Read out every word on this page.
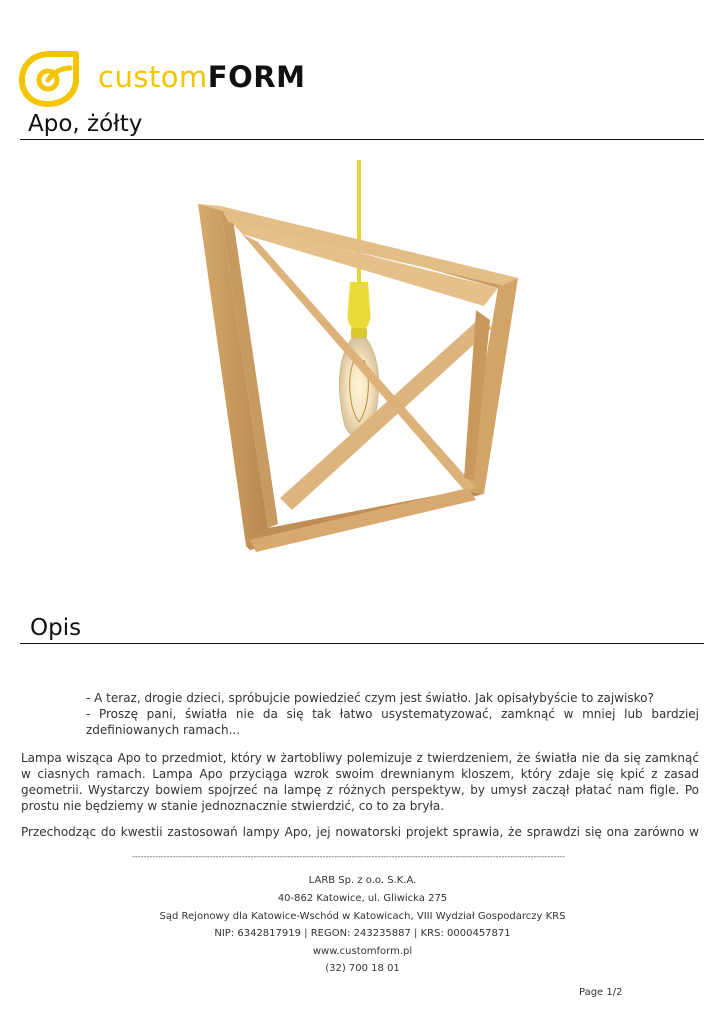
customFORM
Apo, żółty
Opis
- A teraz, drogie dzieci, spróbujcie powiedzieć czym jest światło. Jak opisałybyście to zajwisko?
- Proszę pani, światła nie da się tak łatwo usystematyzować, zamknąć w mniej lub bardziej zdefiniowanych ramach...
Lampa wisząca Apo to przedmiot, który w żartobliwy polemizuje z twierdzeniem, że światła nie da się zamknąć w ciasnych ramach. Lampa Apo przyciąga wzrok swoim drewnianym kloszem, który zdaje się kpić z zasad geometrii. Wystarczy bowiem spojrzeć na lampę z różnych perspektyw, by umysł zaczął płatać nam figle. Po prostu nie będziemy w stanie jednoznacznie stwierdzić, co to za bryła.
Przechodząc do kwestii zastosowań lampy Apo, jej nowatorski projekt sprawia, że sprawdzi się ona zarówno w
------------------------------------------------------------------------------------------------------------------------------------------------------
LARB Sp. z o.o. S.K.A.
40-862 Katowice, ul. Gliwicka 275
Sąd Rejonowy dla Katowice-Wschód w Katowicach, VIII Wydział Gospodarczy KRS
NIP: 6342817919 | REGON: 243235887 | KRS: 0000457871
www.customform.pl
(32) 700 18 01
Page 1/2
